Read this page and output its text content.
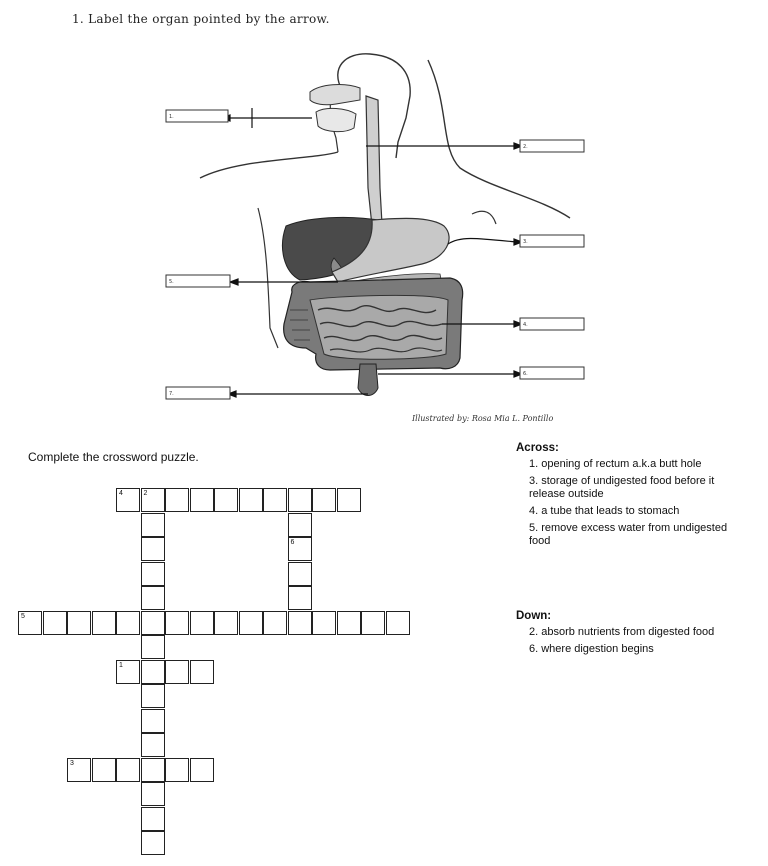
1. Label the organ pointed by the arrow.
1.
2.
3.
4.
5.
6.
7.
Illustrated by: Rosa Mia L. Pontillo
Complete the crossword puzzle.
4	2
6
5
1
3
Across:
1. opening of rectum a.k.a butt hole
3. storage of undigested food before it release outside
4. a tube that leads to stomach
5. remove excess water from undigested food
Down:
2. absorb nutrients from digested food
6. where digestion begins
